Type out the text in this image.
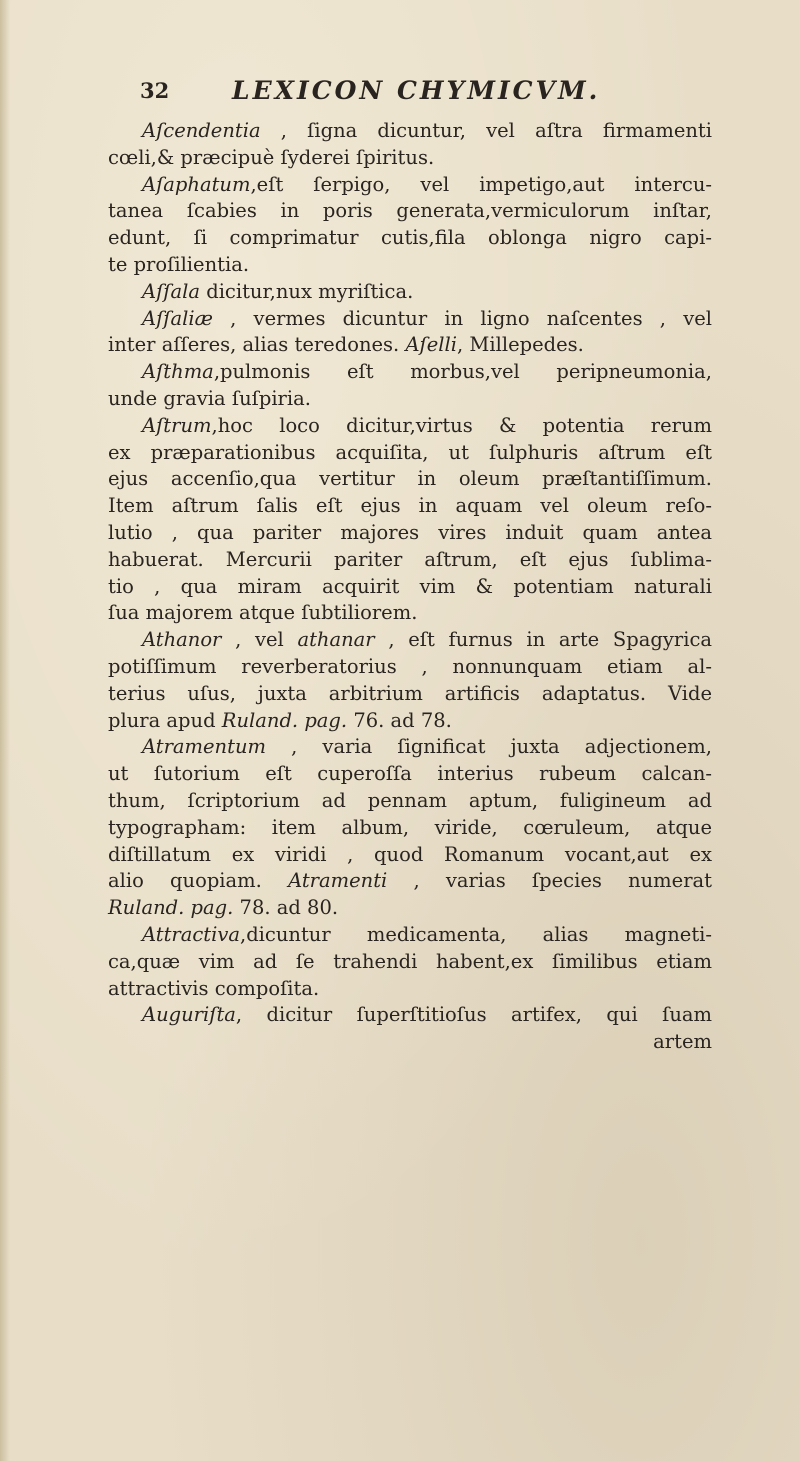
32	LEXICON CHYMICVM.
Aſcendentia , ſigna dicuntur, vel aſtra firmamenti
cœli,& præcipuè ſyderei ſpiritus.
Aſaphatum,eſt ſerpigo, vel impetigo,aut intercu-
tanea ſcabies in poris generata,vermiculorum inſtar,
edunt, ſi comprimatur cutis,fila oblonga nigro capi-
te proſilientia.
Aſſala dicitur,nux myriſtica.
Aſſaliæ , vermes dicuntur in ligno naſcentes , vel
inter aſſeres, alias teredones. Aſelli, Millepedes.
Aſthma,pulmonis eſt morbus,vel peripneumonia,
unde gravia ſuſpiria.
Aſtrum,hoc loco dicitur,virtus & potentia rerum
ex præparationibus acquiſita, ut ſulphuris aſtrum eſt
ejus accenſio,qua vertitur in oleum præſtantiſſimum.
Item aſtrum ſalis eſt ejus in aquam vel oleum reſo-
lutio , qua pariter majores vires induit quam antea
habuerat. Mercurii pariter aſtrum, eſt ejus ſublima-
tio , qua miram acquirit vim & potentiam naturali
ſua majorem atque ſubtiliorem.
Athanor , vel athanar , eſt furnus in arte Spagyrica
potiſſimum reverberatorius , nonnunquam etiam al-
terius uſus, juxta arbitrium artificis adaptatus. Vide
plura apud Ruland. pag. 76. ad 78.
Atramentum , varia ſignificat juxta adjectionem,
ut ſutorium eſt cuperoſſa interius rubeum calcan-
thum, ſcriptorium ad pennam aptum, fuligineum ad
typographam: item album, viride, cœruleum, atque
diſtillatum ex viridi , quod Romanum vocant,aut ex
alio quopiam. Atramenti , varias ſpecies numerat
Ruland. pag. 78. ad 80.
Attractiva,dicuntur medicamenta, alias magneti-
ca,quæ vim ad ſe trahendi habent,ex ſimilibus etiam
attractivis compoſita.
Auguriſta, dicitur ſuperſtitioſus artifex, qui ſuam
artem
